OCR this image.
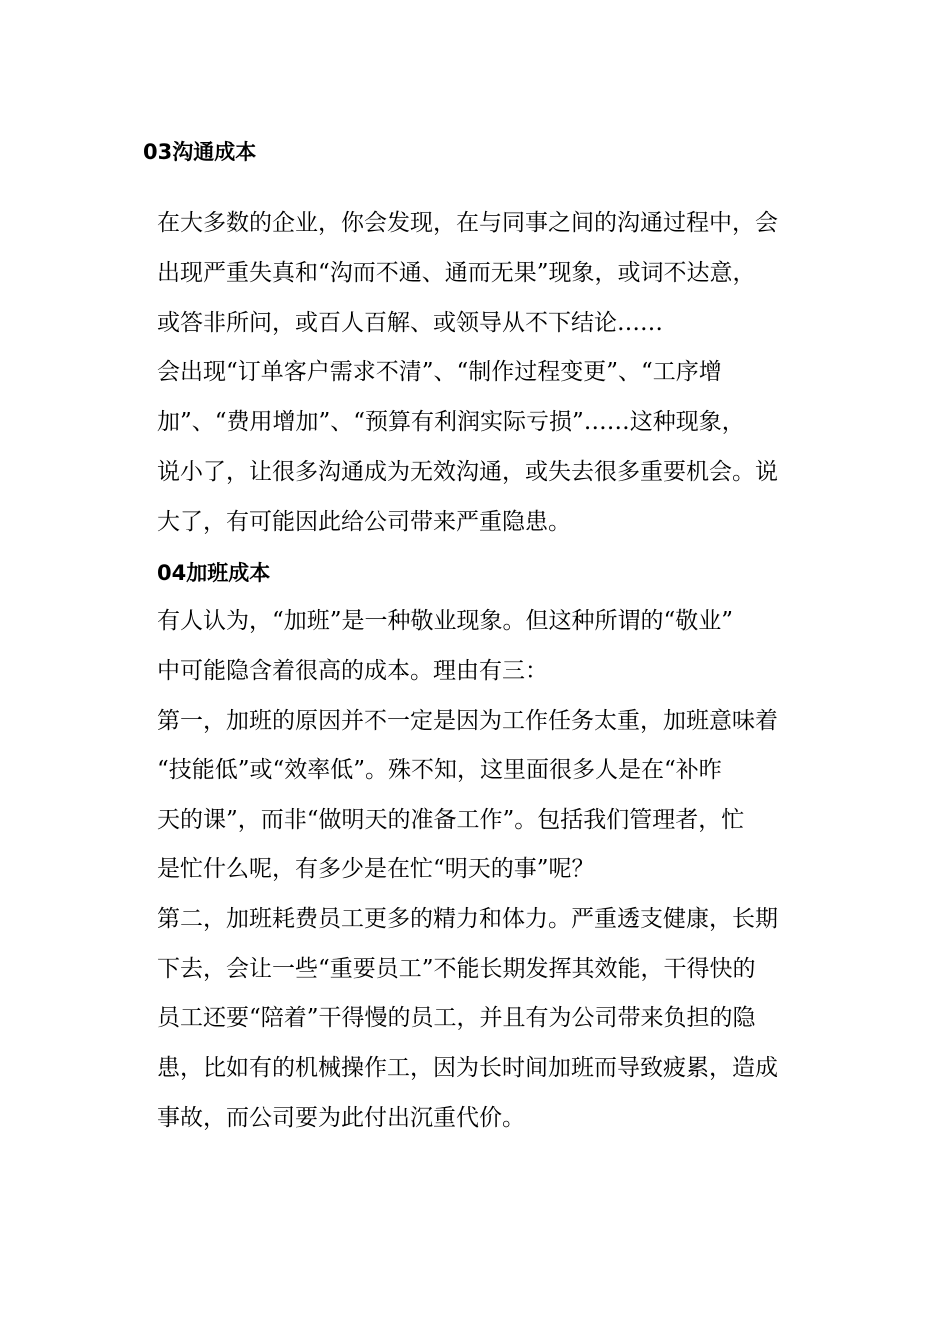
03沟通成本
在大多数的企业，你会发现，在与同事之间的沟通过程中，会
出现严重失真和“沟而不通、通而无果”现象，或词不达意，
或答非所问，或百人百解、或领导从不下结论……
会出现“订单客户需求不清”、“制作过程变更”、“工序增
加”、“费用增加”、“预算有利润实际亏损”……这种现象，
说小了，让很多沟通成为无效沟通，或失去很多重要机会。说
大了，有可能因此给公司带来严重隐患。
04加班成本
有人认为，“加班”是一种敬业现象。但这种所谓的“敬业”
中可能隐含着很高的成本。理由有三：
第一，加班的原因并不一定是因为工作任务太重，加班意味着
“技能低”或“效率低”。殊不知，这里面很多人是在“补昨
天的课”，而非“做明天的准备工作”。包括我们管理者，忙
是忙什么呢，有多少是在忙“明天的事”呢？
第二，加班耗费员工更多的精力和体力。严重透支健康，长期
下去，会让一些“重要员工”不能长期发挥其效能，干得快的
员工还要“陪着”干得慢的员工，并且有为公司带来负担的隐
患，比如有的机械操作工，因为长时间加班而导致疲累，造成
事故，而公司要为此付出沉重代价。
